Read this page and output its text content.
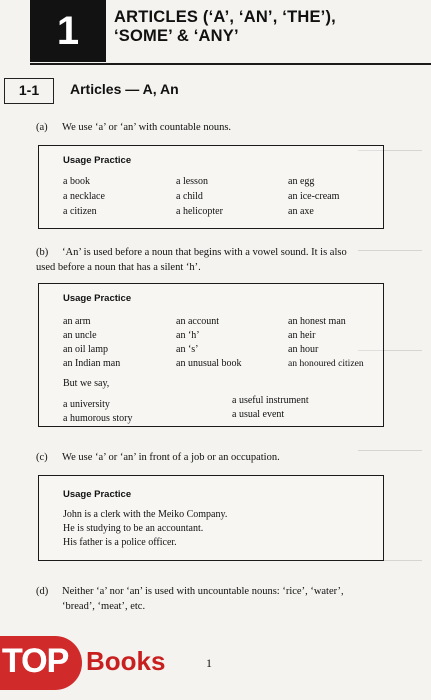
1	ARTICLES (‘A’, ‘AN’, ‘THE’),
‘SOME’ & ‘ANY’
1-1	Articles — A, An
(a) We use ‘a’ or ‘an’ with countable nouns.
Usage Practice
a book	a lesson	an egg
a necklace	a child	an ice-cream
a citizen	a helicopter	an axe
(b) ‘An’ is used before a noun that begins with a vowel sound. It is also
used before a noun that has a silent ‘h’.
Usage Practice
an arm	an account	an honest man
an uncle	an ‘h’	an heir
an oil lamp	an ‘s’	an hour
an Indian man	an unusual book	an honoured citizen
But we say,
a university	a useful instrument
a humorous story	a usual event
(c) We use ‘a’ or ‘an’ in front of a job or an occupation.
Usage Practice
John is a clerk with the Meiko Company.
He is studying to be an accountant.
His father is a police officer.
(d) Neither ‘a’ nor ‘an’ is used with uncountable nouns: ‘rice’, ‘water’,
‘bread’, ‘meat’, etc.
1
TOP Books
